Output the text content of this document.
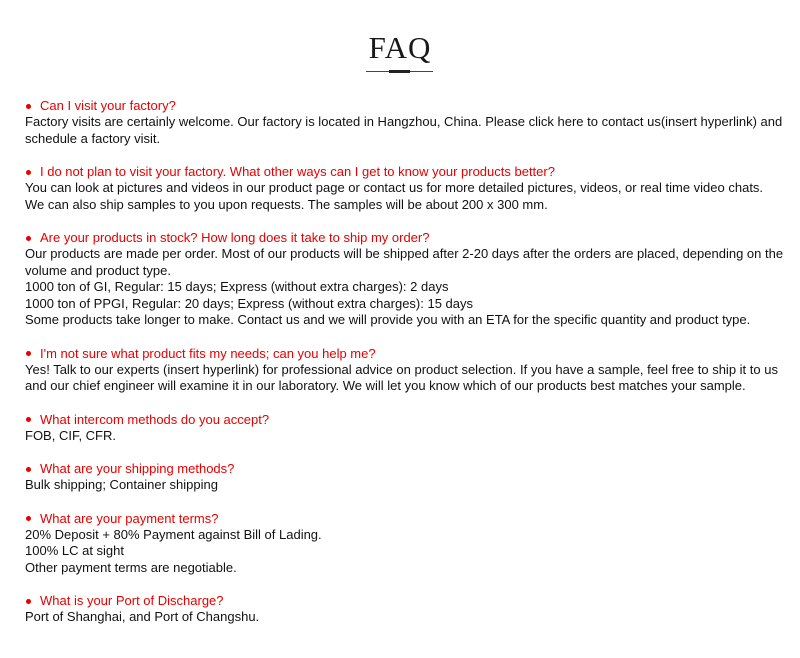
FAQ
Can I visit your factory?
Factory visits are certainly welcome. Our factory is located in Hangzhou, China. Please click here to contact us(insert hyperlink) and schedule a factory visit.
I do not plan to visit your factory. What other ways can I get to know your products better?
You can look at pictures and videos in our product page or contact us for more detailed pictures, videos, or real time video chats. We can also ship samples to you upon requests. The samples will be about 200 x 300 mm.
Are your products in stock? How long does it take to ship my order?
Our products are made per order. Most of our products will be shipped after 2-20 days after the orders are placed, depending on the volume and product type.
1000 ton of GI, Regular: 15 days; Express (without extra charges): 2 days
1000 ton of PPGI, Regular: 20 days; Express (without extra charges): 15 days
Some products take longer to make. Contact us and we will provide you with an ETA for the specific quantity and product type.
I'm not sure what product fits my needs; can you help me?
Yes! Talk to our experts (insert hyperlink) for professional advice on product selection. If you have a sample, feel free to ship it to us and our chief engineer will examine it in our laboratory. We will let you know which of our products best matches your sample.
What intercom methods do you accept?
FOB, CIF, CFR.
What are your shipping methods?
Bulk shipping; Container shipping
What are your payment terms?
20% Deposit + 80% Payment against Bill of Lading.
100% LC at sight
Other payment terms are negotiable.
What is your Port of Discharge?
Port of Shanghai, and Port of Changshu.
